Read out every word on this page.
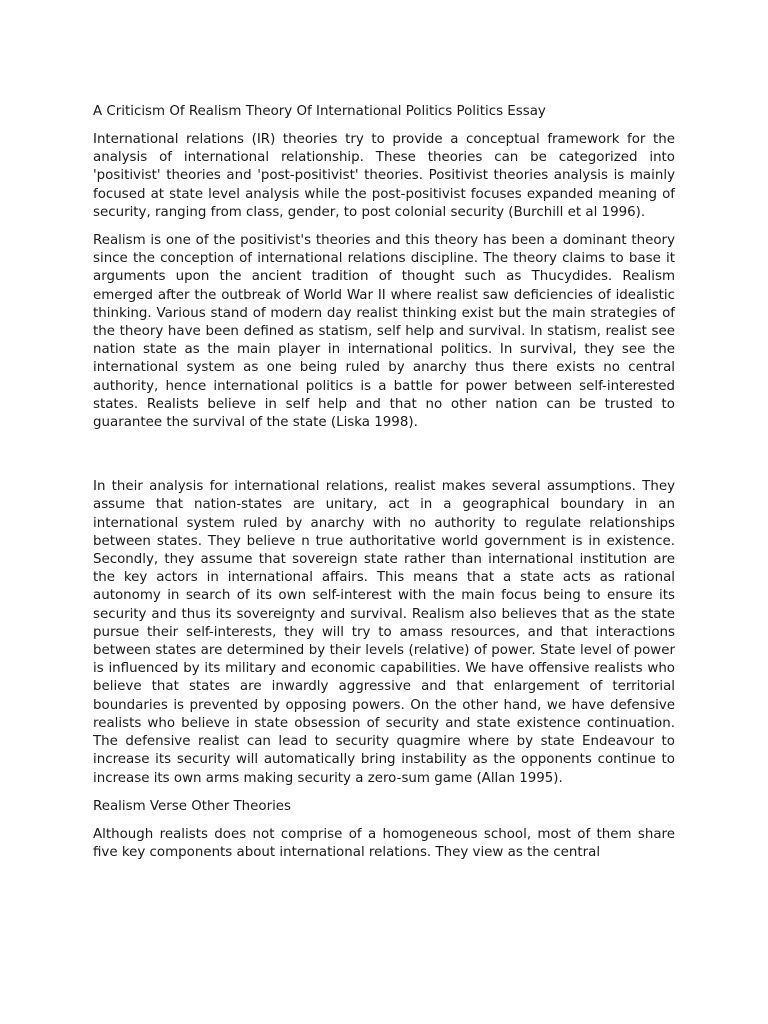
A Criticism Of Realism Theory Of International Politics Politics Essay

International relations (IR) theories try to provide a conceptual framework for the analysis of international relationship. These theories can be categorized into 'positivist' theories and 'post-positivist' theories. Positivist theories analysis is mainly focused at state level analysis while the post-positivist focuses expanded meaning of security, ranging from class, gender, to post colonial security (Burchill et al 1996).

Realism is one of the positivist's theories and this theory has been a dominant theory since the conception of international relations discipline. The theory claims to base it arguments upon the ancient tradition of thought such as Thucydides. Realism emerged after the outbreak of World War II where realist saw deficiencies of idealistic thinking. Various stand of modern day realist thinking exist but the main strategies of the theory have been defined as statism, self help and survival. In statism, realist see nation state as the main player in international politics. In survival, they see the international system as one being ruled by anarchy thus there exists no central authority, hence international politics is a battle for power between self-interested states. Realists believe in self help and that no other nation can be trusted to guarantee the survival of the state (Liska 1998).

In their analysis for international relations, realist makes several assumptions. They assume that nation-states are unitary, act in a geographical boundary in an international system ruled by anarchy with no authority to regulate relationships between states. They believe n true authoritative world government is in existence. Secondly, they assume that sovereign state rather than international institution are the key actors in international affairs. This means that a state acts as rational autonomy in search of its own self-interest with the main focus being to ensure its security and thus its sovereignty and survival. Realism also believes that as the state pursue their self-interests, they will try to amass resources, and that interactions between states are determined by their levels (relative) of power. State level of power is influenced by its military and economic capabilities. We have offensive realists who believe that states are inwardly aggressive and that enlargement of territorial boundaries is prevented by opposing powers. On the other hand, we have defensive realists who believe in state obsession of security and state existence continuation. The defensive realist can lead to security quagmire where by state Endeavour to increase its security will automatically bring instability as the opponents continue to increase its own arms making security a zero-sum game (Allan 1995).

Realism Verse Other Theories

Although realists does not comprise of a homogeneous school, most of them share five key components about international relations. They view as the central
